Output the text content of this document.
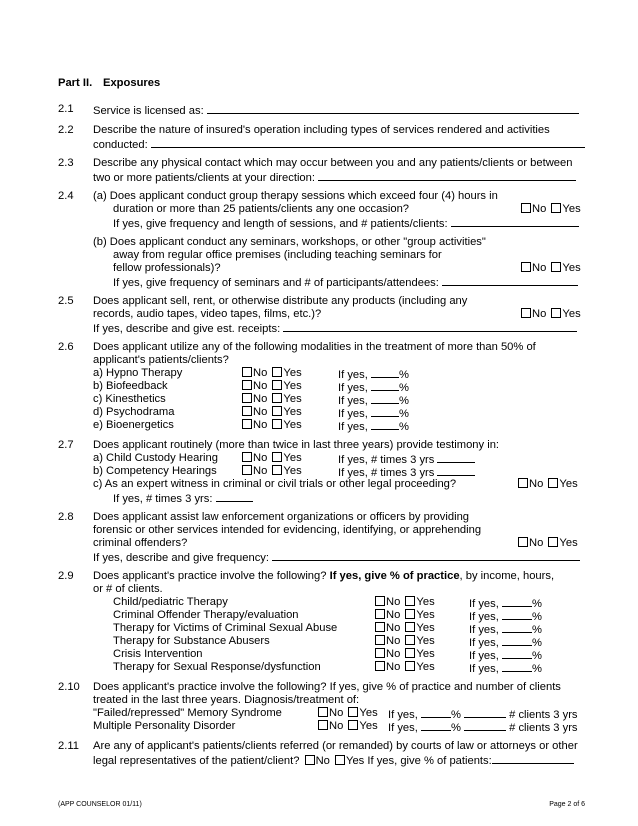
Part II. Exposures
2.1 Service is licensed as:
2.2 Describe the nature of insured's operation including types of services rendered and activities
conducted:
2.3 Describe any physical contact which may occur between you and any patients/clients or between
two or more patients/clients at your direction:
2.4 (a) Does applicant conduct group therapy sessions which exceed four (4) hours in
duration or more than 25 patients/clients any one occasion?	No Yes
If yes, give frequency and length of sessions, and # patients/clients:
(b) Does applicant conduct any seminars, workshops, or other "group activities"
away from regular office premises (including teaching seminars for
fellow professionals)?	No Yes
If yes, give frequency of seminars and # of participants/attendees:
2.5 Does applicant sell, rent, or otherwise distribute any products (including any
records, audio tapes, video tapes, films, etc.)?	No Yes
If yes, describe and give est. receipts:
2.6 Does applicant utilize any of the following modalities in the treatment of more than 50% of
applicant's patients/clients?
a) Hypno Therapy	No Yes	If yes,	%
b) Biofeedback	No Yes	If yes,	%
c) Kinesthetics	No Yes	If yes,	%
d) Psychodrama	No Yes	If yes,	%
e) Bioenergetics	No Yes	If yes,	%
2.7 Does applicant routinely (more than twice in last three years) provide testimony in:
a) Child Custody Hearing	No Yes	If yes, # times 3 yrs
b) Competency Hearings	No Yes	If yes, # times 3 yrs
c) As an expert witness in criminal or civil trials or other legal proceeding?	No Yes
If yes, # times 3 yrs:
2.8 Does applicant assist law enforcement organizations or officers by providing
forensic or other services intended for evidencing, identifying, or apprehending
criminal offenders?	No Yes
If yes, describe and give frequency:
2.9 Does applicant's practice involve the following? If yes, give % of practice, by income, hours,
or # of clients.
Child/pediatric Therapy	No Yes	If yes,	%
Criminal Offender Therapy/evaluation	No Yes	If yes,	%
Therapy for Victims of Criminal Sexual Abuse	No Yes	If yes,	%
Therapy for Substance Abusers	No Yes	If yes,	%
Crisis Intervention	No Yes	If yes,	%
Therapy for Sexual Response/dysfunction	No Yes	If yes,	%
2.10 Does applicant's practice involve the following? If yes, give % of practice and number of clients
treated in the last three years. Diagnosis/treatment of:
"Failed/repressed" Memory Syndrome	No Yes If yes,	%	# clients 3 yrs
Multiple Personality Disorder	No Yes If yes,	%	# clients 3 yrs
2.11 Are any of applicant's patients/clients referred (or remanded) by courts of law or attorneys or other
legal representatives of the patient/client? No Yes If yes, give % of patients:
(APP COUNSELOR 01/11)	Page 2 of 6
